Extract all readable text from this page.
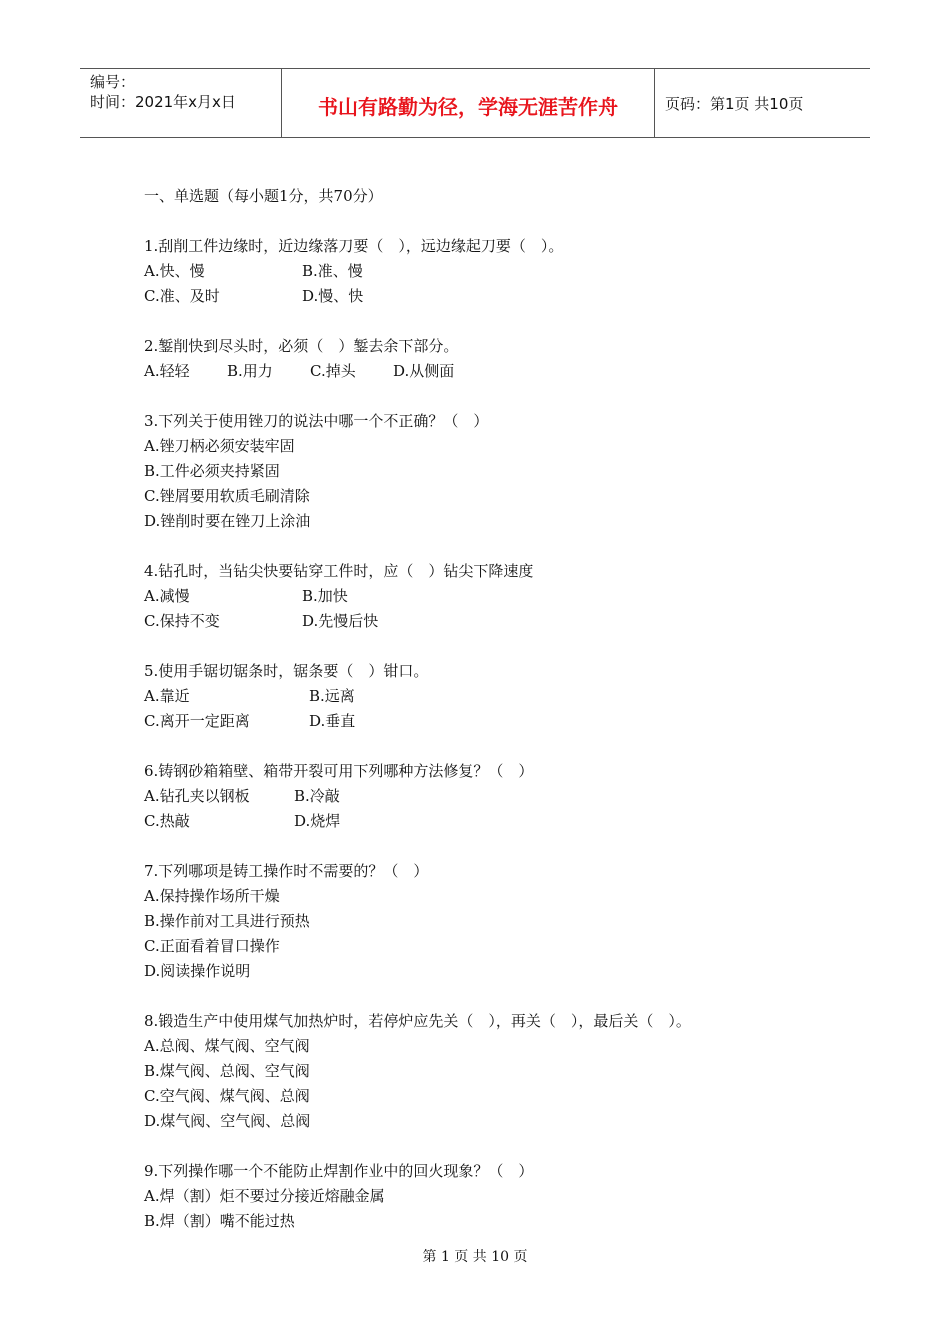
编号：
时间：2021年x月x日	书山有路勤为径，学海无涯苦作舟	页码：第1页 共10页
一、单选题（每小题1分，共70分）
1.刮削工件边缘时，近边缘落刀要（　），远边缘起刀要（　）。
A.快、慢	B.准、慢
C.准、及时	D.慢、快
2.錾削快到尽头时，必须（　）錾去余下部分。
A.轻轻	B.用力	C.掉头	D.从侧面
3.下列关于使用锉刀的说法中哪一个不正确？（　）
A.锉刀柄必须安装牢固
B.工件必须夹持紧固
C.锉屑要用软质毛刷清除
D.锉削时要在锉刀上涂油
4.钻孔时，当钻尖快要钻穿工件时，应（　）钻尖下降速度
A.减慢	B.加快
C.保持不变	D.先慢后快
5.使用手锯切锯条时，锯条要（　）钳口。
A.靠近	B.远离
C.离开一定距离	D.垂直
6.铸钢砂箱箱壁、箱带开裂可用下列哪种方法修复？（　）
A.钻孔夹以钢板	B.冷敲
C.热敲	D.烧焊
7.下列哪项是铸工操作时不需要的？（　）
A.保持操作场所干燥
B.操作前对工具进行预热
C.正面看着冒口操作
D.阅读操作说明
8.锻造生产中使用煤气加热炉时，若停炉应先关（　），再关（　），最后关（　）。
A.总阀、煤气阀、空气阀
B.煤气阀、总阀、空气阀
C.空气阀、煤气阀、总阀
D.煤气阀、空气阀、总阀
9.下列操作哪一个不能防止焊割作业中的回火现象？（　）
A.焊（割）炬不要过分接近熔融金属
B.焊（割）嘴不能过热
第 1 页 共 10 页
